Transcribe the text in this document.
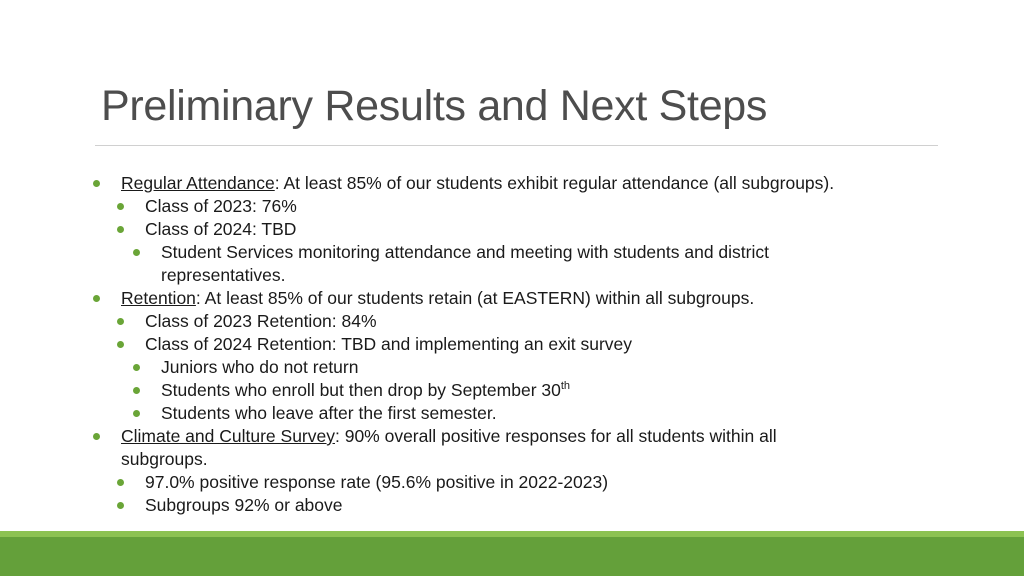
Preliminary Results and Next Steps
Regular Attendance: At least 85% of our students exhibit regular attendance (all subgroups).
Class of 2023: 76%
Class of 2024: TBD
Student Services monitoring attendance and meeting with students and district
representatives.
Retention: At least 85% of our students retain (at EASTERN) within all subgroups.
Class of 2023 Retention: 84%
Class of 2024 Retention: TBD and implementing an exit survey
Juniors who do not return
Students who enroll but then drop by September 30th
Students who leave after the first semester.
Climate and Culture Survey: 90% overall positive responses for all students within all
subgroups.
97.0% positive response rate (95.6% positive in 2022-2023)
Subgroups 92% or above
